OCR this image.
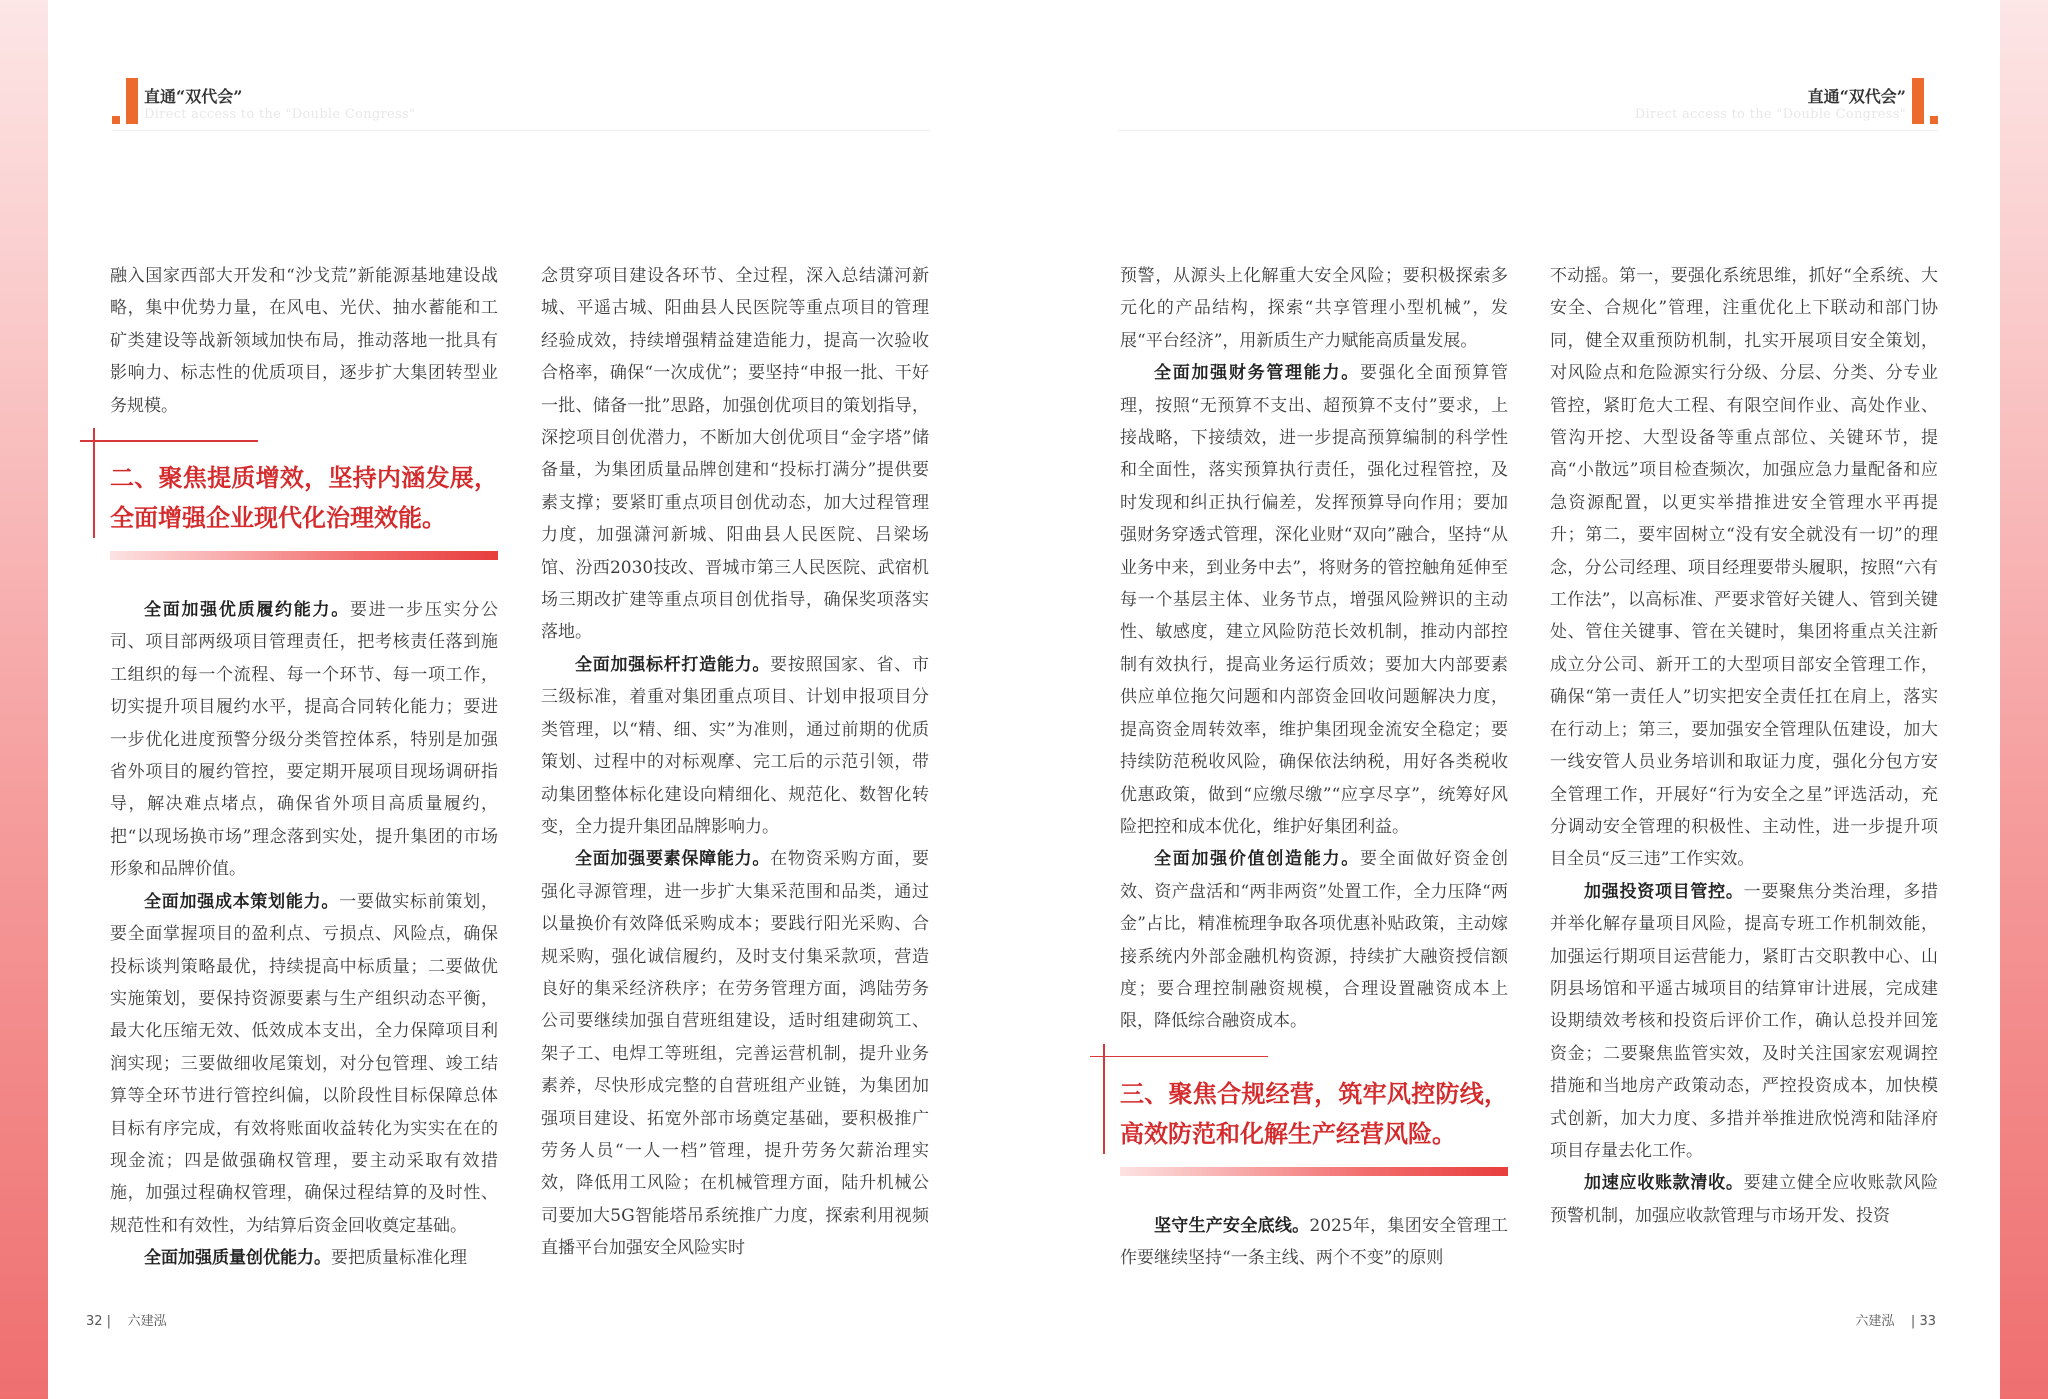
直通“双代会”
Direct access to the "Double Congress"
直通“双代会”
Direct access to the "Double Congress"

融入国家西部大开发和“沙戈荒”新能源基地建设战略，集中优势力量，在风电、光伏、抽水蓄能和工矿类建设等战新领域加快布局，推动落地一批具有影响力、标志性的优质项目，逐步扩大集团转型业务规模。

二、聚焦提质增效，坚持内涵发展，全面增强企业现代化治理效能。

全面加强优质履约能力。要进一步压实分公司、项目部两级项目管理责任，把考核责任落到施工组织的每一个流程、每一个环节、每一项工作，切实提升项目履约水平，提高合同转化能力；要进一步优化进度预警分级分类管控体系，特别是加强省外项目的履约管控，要定期开展项目现场调研指导，解决难点堵点，确保省外项目高质量履约，把“以现场换市场”理念落到实处，提升集团的市场形象和品牌价值。

全面加强成本策划能力。一要做实标前策划，要全面掌握项目的盈利点、亏损点、风险点，确保投标谈判策略最优，持续提高中标质量；二要做优实施策划，要保持资源要素与生产组织动态平衡，最大化压缩无效、低效成本支出，全力保障项目利润实现；三要做细收尾策划，对分包管理、竣工结算等全环节进行管控纠偏，以阶段性目标保障总体目标有序完成，有效将账面收益转化为实实在在的现金流；四是做强确权管理，要主动采取有效措施，加强过程确权管理，确保过程结算的及时性、规范性和有效性，为结算后资金回收奠定基础。

全面加强质量创优能力。要把质量标准化理

念贯穿项目建设各环节、全过程，深入总结潇河新城、平遥古城、阳曲县人民医院等重点项目的管理经验成效，持续增强精益建造能力，提高一次验收合格率，确保“一次成优”；要坚持“申报一批、干好一批、储备一批”思路，加强创优项目的策划指导，深挖项目创优潜力，不断加大创优项目“金字塔”储备量，为集团质量品牌创建和“投标打满分”提供要素支撑；要紧盯重点项目创优动态，加大过程管理力度，加强潇河新城、阳曲县人民医院、吕梁场馆、汾西2030技改、晋城市第三人民医院、武宿机场三期改扩建等重点项目创优指导，确保奖项落实落地。

全面加强标杆打造能力。要按照国家、省、市三级标准，着重对集团重点项目、计划申报项目分类管理，以“精、细、实”为准则，通过前期的优质策划、过程中的对标观摩、完工后的示范引领，带动集团整体标化建设向精细化、规范化、数智化转变，全力提升集团品牌影响力。

全面加强要素保障能力。在物资采购方面，要强化寻源管理，进一步扩大集采范围和品类，通过以量换价有效降低采购成本；要践行阳光采购、合规采购，强化诚信履约，及时支付集采款项，营造良好的集采经济秩序；在劳务管理方面，鸿陆劳务公司要继续加强自营班组建设，适时组建砌筑工、架子工、电焊工等班组，完善运营机制，提升业务素养，尽快形成完整的自营班组产业链，为集团加强项目建设、拓宽外部市场奠定基础，要积极推广劳务人员“一人一档”管理，提升劳务欠薪治理实效，降低用工风险；在机械管理方面，陆升机械公司要加大5G智能塔吊系统推广力度，探索利用视频直播平台加强安全风险实时

预警，从源头上化解重大安全风险；要积极探索多元化的产品结构，探索“共享管理小型机械”，发展“平台经济”，用新质生产力赋能高质量发展。

全面加强财务管理能力。要强化全面预算管理，按照“无预算不支出、超预算不支付”要求，上接战略，下接绩效，进一步提高预算编制的科学性和全面性，落实预算执行责任，强化过程管控，及时发现和纠正执行偏差，发挥预算导向作用；要加强财务穿透式管理，深化业财“双向”融合，坚持“从业务中来，到业务中去”，将财务的管控触角延伸至每一个基层主体、业务节点，增强风险辨识的主动性、敏感度，建立风险防范长效机制，推动内部控制有效执行，提高业务运行质效；要加大内部要素供应单位拖欠问题和内部资金回收问题解决力度，提高资金周转效率，维护集团现金流安全稳定；要持续防范税收风险，确保依法纳税，用好各类税收优惠政策，做到“应缴尽缴”“应享尽享”，统筹好风险把控和成本优化，维护好集团利益。

全面加强价值创造能力。要全面做好资金创效、资产盘活和“两非两资”处置工作，全力压降“两金”占比，精准梳理争取各项优惠补贴政策，主动嫁接系统内外部金融机构资源，持续扩大融资授信额度；要合理控制融资规模，合理设置融资成本上限，降低综合融资成本。

三、聚焦合规经营，筑牢风控防线，高效防范和化解生产经营风险。

坚守生产安全底线。2025年，集团安全管理工作要继续坚持“一条主线、两个不变”的原则

不动摇。第一，要强化系统思维，抓好“全系统、大安全、合规化”管理，注重优化上下联动和部门协同，健全双重预防机制，扎实开展项目安全策划，对风险点和危险源实行分级、分层、分类、分专业管控，紧盯危大工程、有限空间作业、高处作业、管沟开挖、大型设备等重点部位、关键环节，提高“小散远”项目检查频次，加强应急力量配备和应急资源配置，以更实举措推进安全管理水平再提升；第二，要牢固树立“没有安全就没有一切”的理念，分公司经理、项目经理要带头履职，按照“六有工作法”，以高标准、严要求管好关键人、管到关键处、管住关键事、管在关键时，集团将重点关注新成立分公司、新开工的大型项目部安全管理工作，确保“第一责任人”切实把安全责任扛在肩上，落实在行动上；第三，要加强安全管理队伍建设，加大一线安管人员业务培训和取证力度，强化分包方安全管理工作，开展好“行为安全之星”评选活动，充分调动安全管理的积极性、主动性，进一步提升项目全员“反三违”工作实效。

加强投资项目管控。一要聚焦分类治理，多措并举化解存量项目风险，提高专班工作机制效能，加强运行期项目运营能力，紧盯古交职教中心、山阴县场馆和平遥古城项目的结算审计进展，完成建设期绩效考核和投资后评价工作，确认总投并回笼资金；二要聚焦监管实效，及时关注国家宏观调控措施和当地房产政策动态，严控投资成本，加快模式创新，加大力度、多措并举推进欣悦湾和陆泽府项目存量去化工作。

加速应收账款清收。要建立健全应收账款风险预警机制，加强应收款管理与市场开发、投资

32 |    六建泓	六建泓    | 33
